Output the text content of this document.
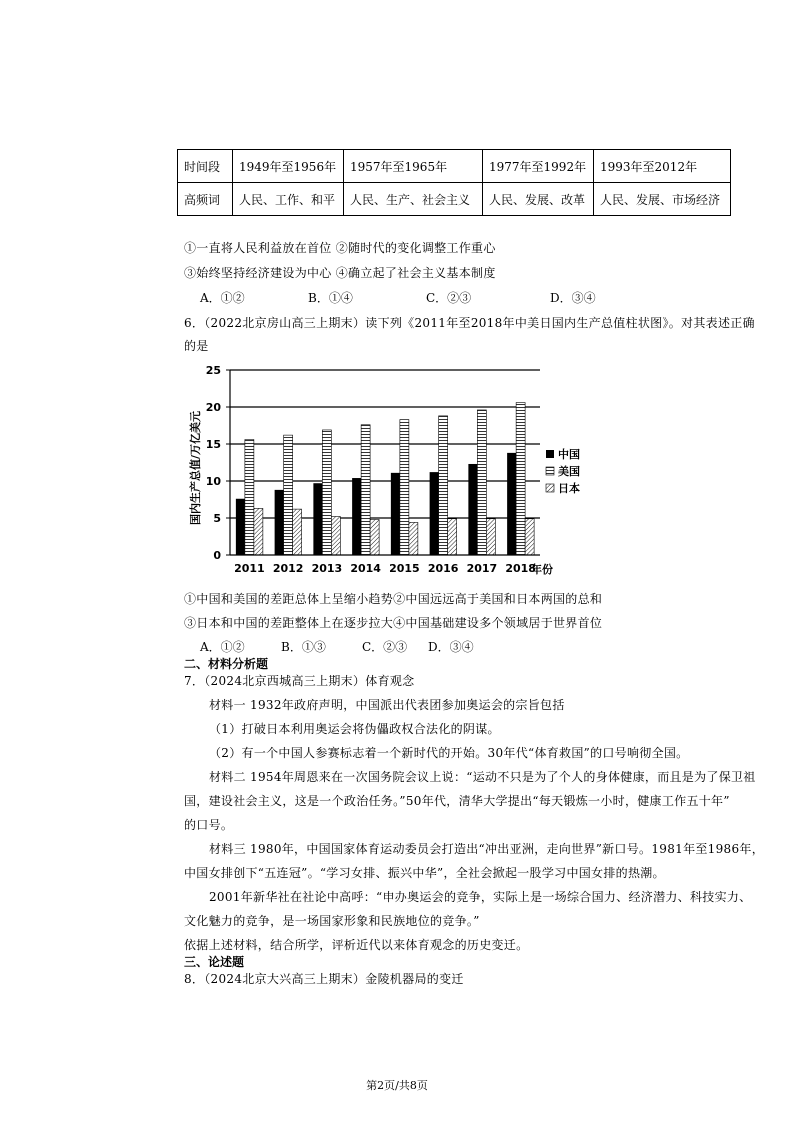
时间段	1949年至1956年	1957年至1965年	1977年至1992年	1993年至2012年
高频词	人民、工作、和平	人民、生产、社会主义	人民、发展、改革	人民、发展、市场经济
①一直将人民利益放在首位 ②随时代的变化调整工作重心
③始终坚持经济建设为中心 ④确立起了社会主义基本制度
A．①②	B．①④	C．②③	D．③④
6．（2022北京房山高三上期末）读下列《2011年至2018年中美日国内生产总值柱状图》。对其表述正确
的是
0
5
10
15
20
25
2011 2012 2013 2014 2015 2016 2017 2018
国内生产总值/万亿美元
年份
中国
美国
日本
①中国和美国的差距总体上呈缩小趋势②中国远远高于美国和日本两国的总和
③日本和中国的差距整体上在逐步拉大④中国基础建设多个领域居于世界首位
A．①②	B．①③	C．②③ D．③④
二、材料分析题
7．（2024北京西城高三上期末）体育观念
材料一 1932年政府声明，中国派出代表团参加奥运会的宗旨包括
（1）打破日本利用奥运会将伪儡政权合法化的阴谋。
（2）有一个中国人参赛标志着一个新时代的开始。30年代“体育救国”的口号响彻全国。
材料二 1954年周恩来在一次国务院会议上说：“运动不只是为了个人的身体健康，而且是为了保卫祖
国，建设社会主义，这是一个政治任务。”50年代，清华大学提出“每天锻炼一小时，健康工作五十年”
的口号。
材料三 1980年，中国国家体育运动委员会打造出“冲出亚洲，走向世界”新口号。1981年至1986年，
中国女排创下“五连冠”。“学习女排、振兴中华”，全社会掀起一股学习中国女排的热潮。
2001年新华社在社论中高呼：“申办奥运会的竞争，实际上是一场综合国力、经济潜力、科技实力、
文化魅力的竞争，是一场国家形象和民族地位的竞争。”
依据上述材料，结合所学，评析近代以来体育观念的历史变迁。
三、论述题
8．（2024北京大兴高三上期末）金陵机器局的变迁
第2页/共8页
